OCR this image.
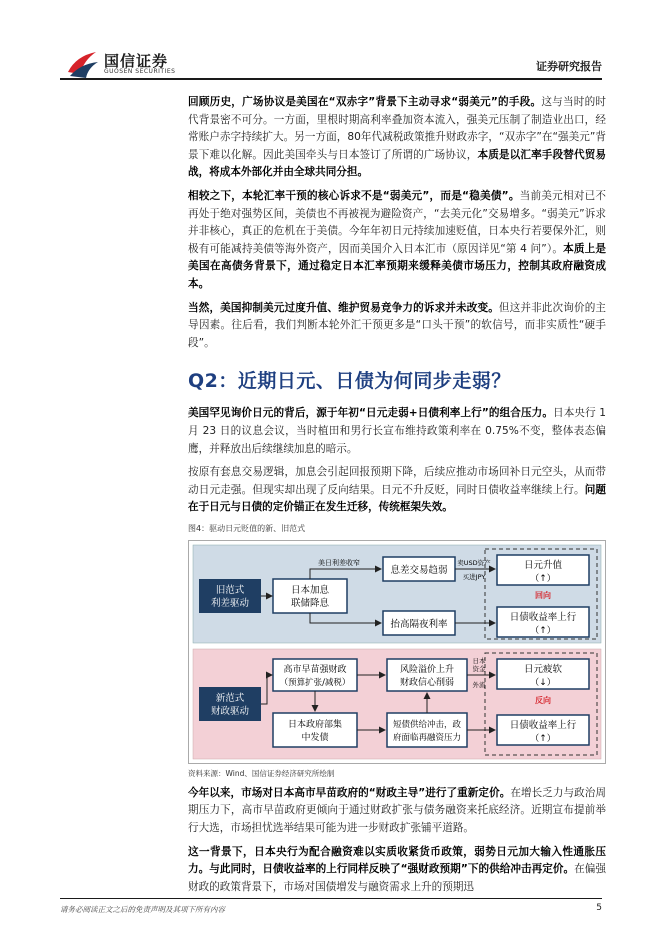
国信证券
GUOSEN SECURITIES	证券研究报告

回顾历史，广场协议是美国在“双赤字”背景下主动寻求“弱美元”的手段。这与当时的时代背景密不可分。一方面，里根时期高利率叠加资本流入，强美元压制了制造业出口，经常账户赤字持续扩大。另一方面，80年代减税政策推升财政赤字，“双赤字”在“强美元”背景下难以化解。因此美国牵头与日本签订了所谓的广场协议，本质是以汇率手段替代贸易战，将成本外部化并由全球共同分担。

相较之下，本轮汇率干预的核心诉求不是“弱美元”，而是“稳美债”。当前美元相对已不再处于绝对强势区间，美债也不再被视为避险资产，“去美元化”交易增多。“弱美元”诉求并非核心，真正的危机在于美债。今年年初日元持续加速贬值，日本央行若要保外汇，则极有可能减持美债等海外资产，因而美国介入日本汇市（原因详见“第 4 问”）。本质上是美国在高债务背景下，通过稳定日本汇率预期来缓释美债市场压力，控制其政府融资成本。

当然，美国抑制美元过度升值、维护贸易竞争力的诉求并未改变。但这并非此次询价的主导因素。往后看，我们判断本轮外汇干预更多是“口头干预”的软信号，而非实质性“硬手段”。

Q2：近期日元、日债为何同步走弱？

美国罕见询价日元的背后，源于年初“日元走弱+日债利率上行”的组合压力。日本央行 1 月 23 日的议息会议，当时植田和男行长宣布维持政策利率在 0.75%不变，整体表态偏鹰，并释放出后续继续加息的暗示。

按原有套息交易逻辑，加息会引起回报预期下降，后续应推动市场回补日元空头，从而带动日元走强。但现实却出现了反向结果。日元不升反贬，同时日债收益率继续上行。问题在于日元与日债的定价锚正在发生迁移，传统框架失效。

图4：驱动日元贬值的新、旧范式
旧范式
利差驱动
日本加息
联储降息
美日利差收窄
息差交易趋弱
卖USD资产
买进JPY
日元升值
（↑）
回向
抬高隔夜利率
日债收益率上行
（↑）
新范式
财政驱动
高市早苗强财政
（预算扩张/减税）
风险溢价上升
财政信心削弱
日本
资金
外流
日元疲软
（↓）
反向
日本政府部集
中发债
短债供给冲击，政
府面临再融资压力
日债收益率上行
（↑）
资料来源：Wind、国信证券经济研究所绘制

今年以来，市场对日本高市早苗政府的“财政主导”进行了重新定价。在增长乏力与政治周期压力下，高市早苗政府更倾向于通过财政扩张与债务融资来托底经济。近期宣布提前举行大选，市场担忧选举结果可能为进一步财政扩张铺平道路。

这一背景下，日本央行为配合融资难以实质收紧货币政策，弱势日元加大输入性通胀压力。与此同时，日债收益率的上行同样反映了“强财政预期”下的供给冲击再定价。在偏强财政的政策背景下，市场对国债增发与融资需求上升的预期迅

请务必阅读正文之后的免责声明及其项下所有内容	5
